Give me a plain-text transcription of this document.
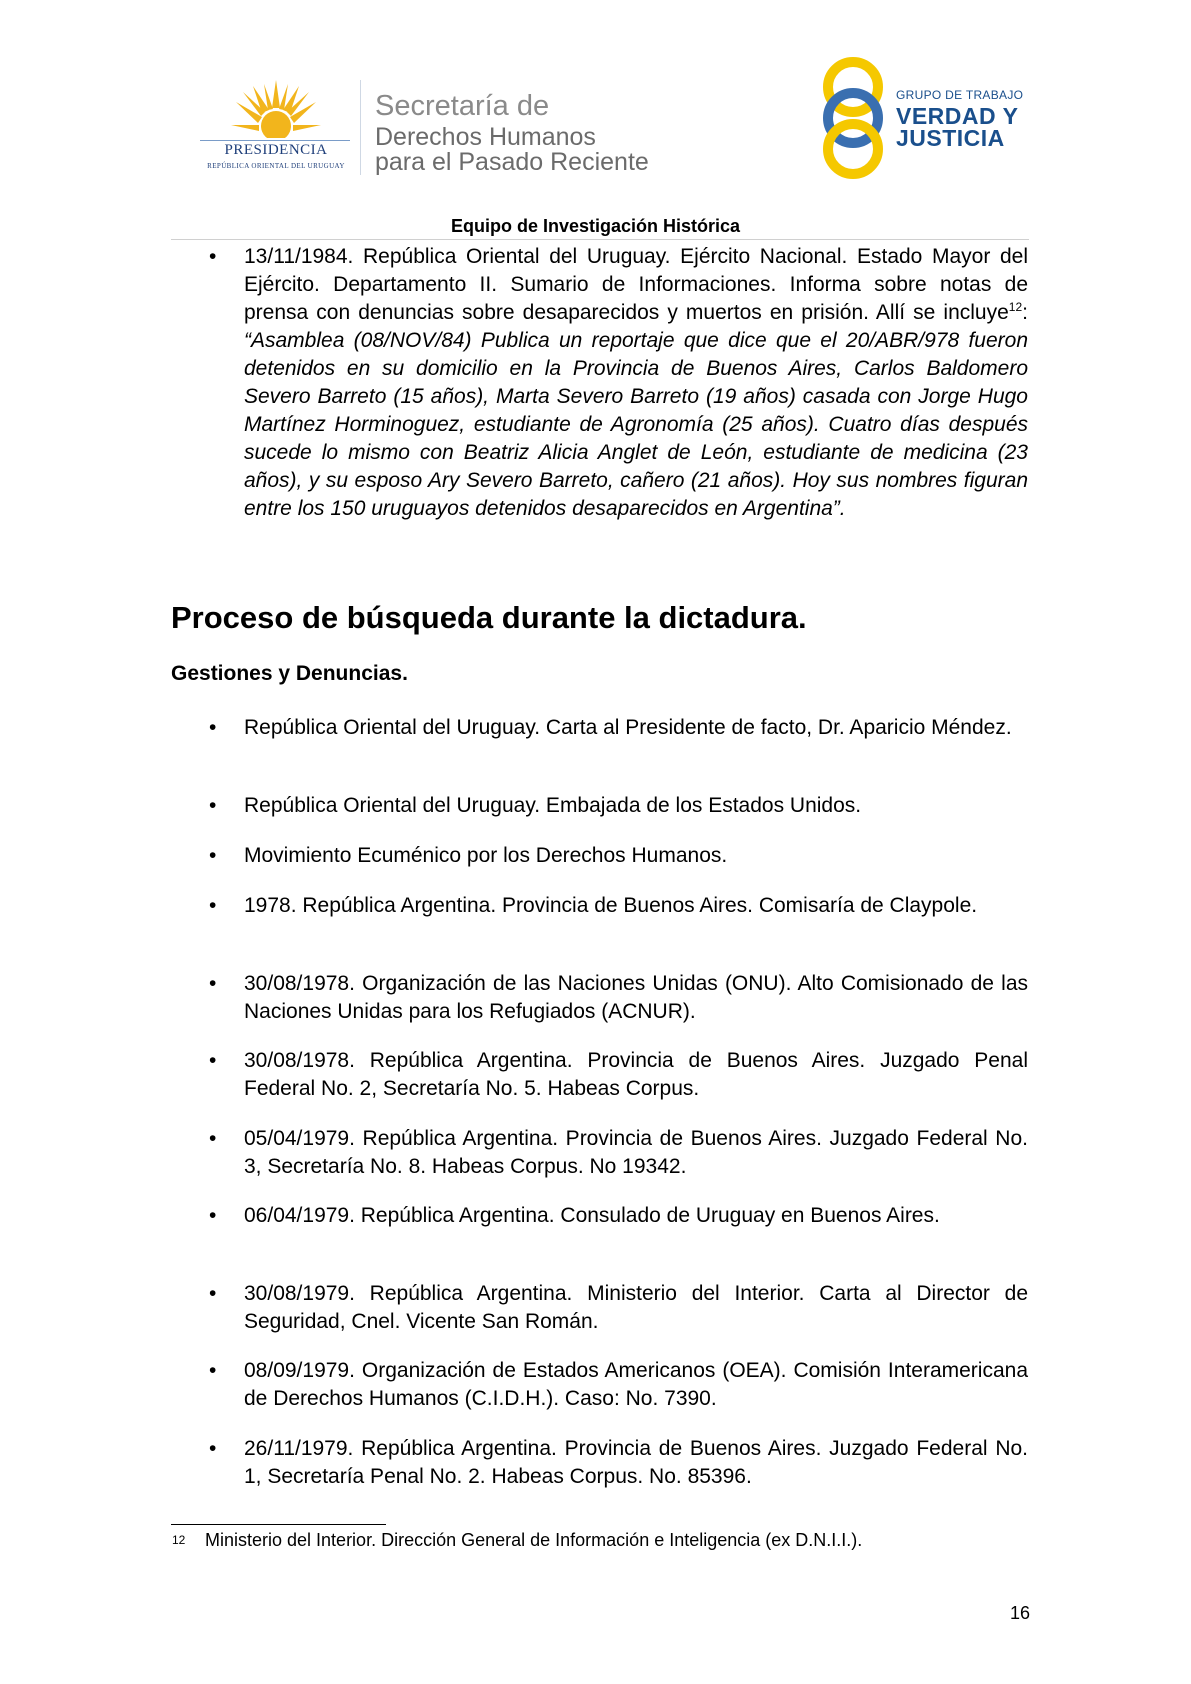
PRESIDENCIA
REPÚBLICA ORIENTAL DEL URUGUAY
Secretaría de
Derechos Humanos
para el Pasado Reciente
GRUPO DE TRABAJO
VERDAD Y
JUSTICIA
Equipo de Investigación Histórica
• 13/11/1984. República Oriental del Uruguay. Ejército Nacional. Estado Mayor del Ejército. Departamento II. Sumario de Informaciones. Informa sobre notas de prensa con denuncias sobre desaparecidos y muertos en prisión. Allí se incluye$^{12}$: “Asamblea (08/NOV/84) Publica un reportaje que dice que el 20/ABR/978 fueron detenidos en su domicilio en la Provincia de Buenos Aires, Carlos Baldomero Severo Barreto (15 años), Marta Severo Barreto (19 años) casada con Jorge Hugo Martínez Horminoguez, estudiante de Agronomía (25 años). Cuatro días después sucede lo mismo con Beatriz Alicia Anglet de León, estudiante de medicina (23 años), y su esposo Ary Severo Barreto, cañero (21 años). Hoy sus nombres figuran entre los 150 uruguayos detenidos desaparecidos en Argentina”.
Proceso de búsqueda durante la dictadura.
Gestiones y Denuncias.
• República Oriental del Uruguay. Carta al Presidente de facto, Dr. Aparicio Méndez.
• República Oriental del Uruguay. Embajada de los Estados Unidos.
• Movimiento Ecuménico por los Derechos Humanos.
• 1978. República Argentina. Provincia de Buenos Aires. Comisaría de Claypole.
• 30/08/1978. Organización de las Naciones Unidas (ONU). Alto Comisionado de las Naciones Unidas para los Refugiados (ACNUR).
• 30/08/1978. República Argentina. Provincia de Buenos Aires. Juzgado Penal Federal No. 2, Secretaría No. 5. Habeas Corpus.
• 05/04/1979. República Argentina. Provincia de Buenos Aires. Juzgado Federal No. 3, Secretaría No. 8. Habeas Corpus. No 19342.
• 06/04/1979. República Argentina. Consulado de Uruguay en Buenos Aires.
• 30/08/1979. República Argentina. Ministerio del Interior. Carta al Director de Seguridad, Cnel. Vicente San Román.
• 08/09/1979. Organización de Estados Americanos (OEA). Comisión Interamericana de Derechos Humanos (C.I.D.H.). Caso: No. 7390.
• 26/11/1979. República Argentina. Provincia de Buenos Aires. Juzgado Federal No. 1, Secretaría Penal No. 2. Habeas Corpus. No. 85396.
12 Ministerio del Interior. Dirección General de Información e Inteligencia (ex D.N.I.I.).
16
